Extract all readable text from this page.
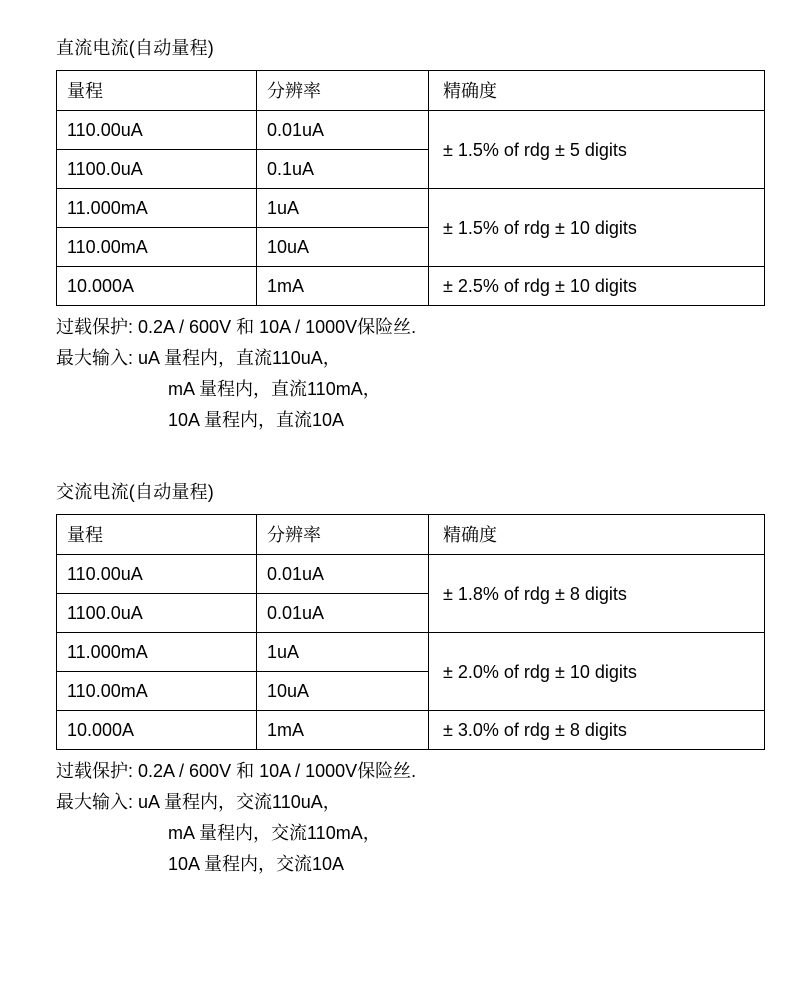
直流电流(自动量程)
量程	分辨率	精确度
110.00uA	0.01uA	± 1.5% of rdg ± 5 digits
1100.0uA	0.1uA	
11.000mA	1uA	± 1.5% of rdg ± 10 digits
110.00mA	10uA	
10.000A	1mA	± 2.5% of rdg ± 10 digits
过载保护: 0.2A / 600V 和 10A / 1000V保险丝.
最大输入: uA 量程内，直流110uA，
mA 量程内，直流110mA，
10A 量程内，直流10A
交流电流(自动量程)
量程	分辨率	精确度
110.00uA	0.01uA	± 1.8% of rdg ± 8 digits
1100.0uA	0.01uA	
11.000mA	1uA	± 2.0% of rdg ± 10 digits
110.00mA	10uA	
10.000A	1mA	± 3.0% of rdg ± 8 digits
过载保护: 0.2A / 600V 和 10A / 1000V保险丝.
最大输入: uA 量程内，交流110uA，
mA 量程内，交流110mA，
10A 量程内，交流10A
